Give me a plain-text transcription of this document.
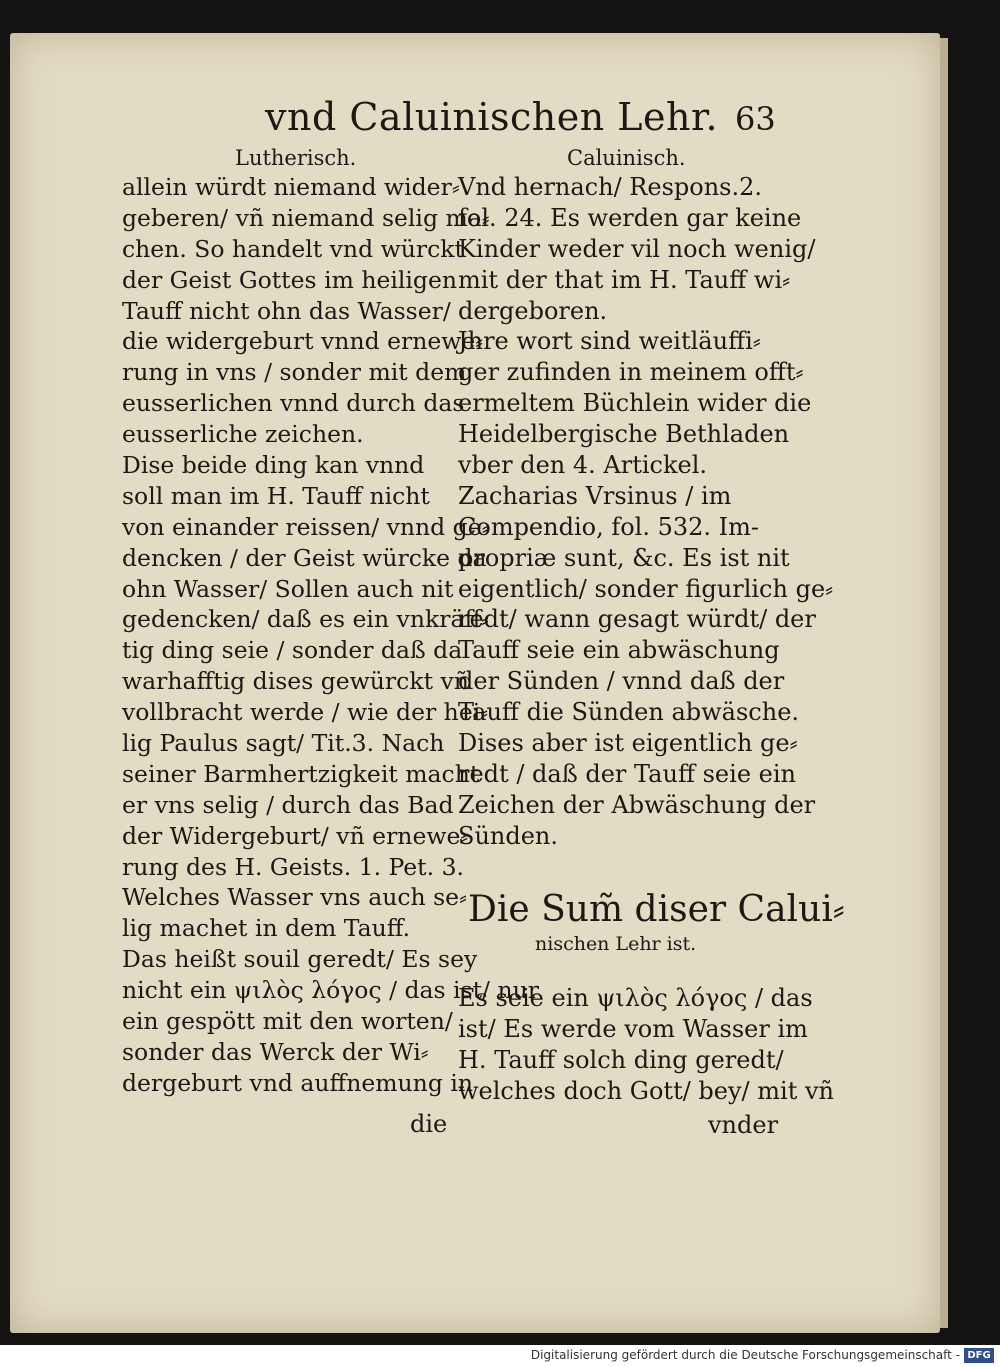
vnd Caluinischen Lehr. 63
Lutherisch.	Caluinisch.
allein würdt niemand wider⸗
geberen/ vñ niemand selig ma⸗
chen. So handelt vnd würckt
der Geist Gottes im heiligen
Tauff nicht ohn das Wasser/
die widergeburt vnnd ernewe⸗
rung in vns / sonder mit dem
eusserlichen vnnd durch das
eusserliche zeichen.
Dise beide ding kan vnnd
soll man im H. Tauff nicht
von einander reissen/ vnnd ge⸗
dencken / der Geist würcke da
ohn Wasser/ Sollen auch nit
gedencken/ daß es ein vnkräff⸗
tig ding seie / sonder daß da
warhafftig dises gewürckt vñ
vollbracht werde / wie der hei⸗
lig Paulus sagt/ Tit.3. Nach
seiner Barmhertzigkeit macht
er vns selig / durch das Bad
der Widergeburt/ vñ ernewe⸗
rung des H. Geists. 1. Pet. 3.
Welches Wasser vns auch se⸗
lig machet in dem Tauff.
Das heißt souil geredt/ Es sey
nicht ein ψιλὸς λόγος / das ist/ nur
ein gespött mit den worten/
sonder das Werck der Wi⸗
dergeburt vnd auffnemung in
Vnd hernach/ Respons.2.
fol. 24. Es werden gar keine
Kinder weder vil noch wenig/
mit der that im H. Tauff wi⸗
dergeboren.
Jhre wort sind weitläuffi⸗
ger zufinden in meinem offt⸗
ermeltem Büchlein wider die
Heidelbergische Bethladen
vber den 4. Artickel.
Zacharias Vrsinus / im
Compendio, fol. 532. Im-
propriæ sunt, &c. Es ist nit
eigentlich/ sonder figurlich ge⸗
redt/ wann gesagt würdt/ der
Tauff seie ein abwäschung
der Sünden / vnnd daß der
Tauff die Sünden abwäsche.
Dises aber ist eigentlich ge⸗
redt / daß der Tauff seie ein
Zeichen der Abwäschung der
Sünden.
Die Sum̃ diser Calui⸗
nischen Lehr ist.
Es seie ein ψιλὸς λόγος / das
ist/ Es werde vom Wasser im
H. Tauff solch ding geredt/
welches doch Gott/ bey/ mit vñ
die	vnder
Digitalisierung gefördert durch die Deutsche Forschungsgemeinschaft - DFG
